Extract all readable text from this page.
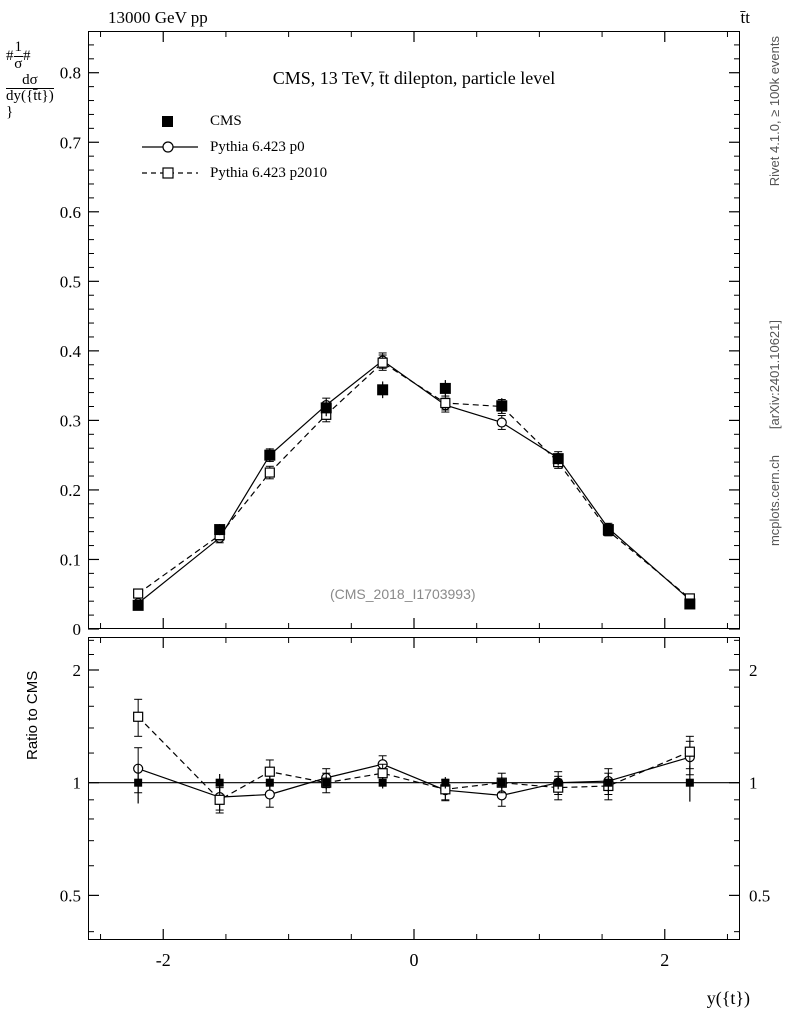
13000 GeV pp	t̄t
Rivet 4.1.0, ≥ 100k events
[arXiv:2401.10621]
mcplots.cern.ch
# $\frac{1}{\sigma}\#$
$\frac{d\sigma}{dy(\{t̄t\})}$}
CMS, 13 TeV, t̄t dilepton, particle level
CMS
Pythia 6.423 p0
Pythia 6.423 p2010
(CMS_2018_I1703993)
Ratio to CMS
y({t})
0
0.1
0.2
0.3
0.4
0.5
0.6
0.7
0.8
0.5	0.5
1	1
2	2
-2	0	2
